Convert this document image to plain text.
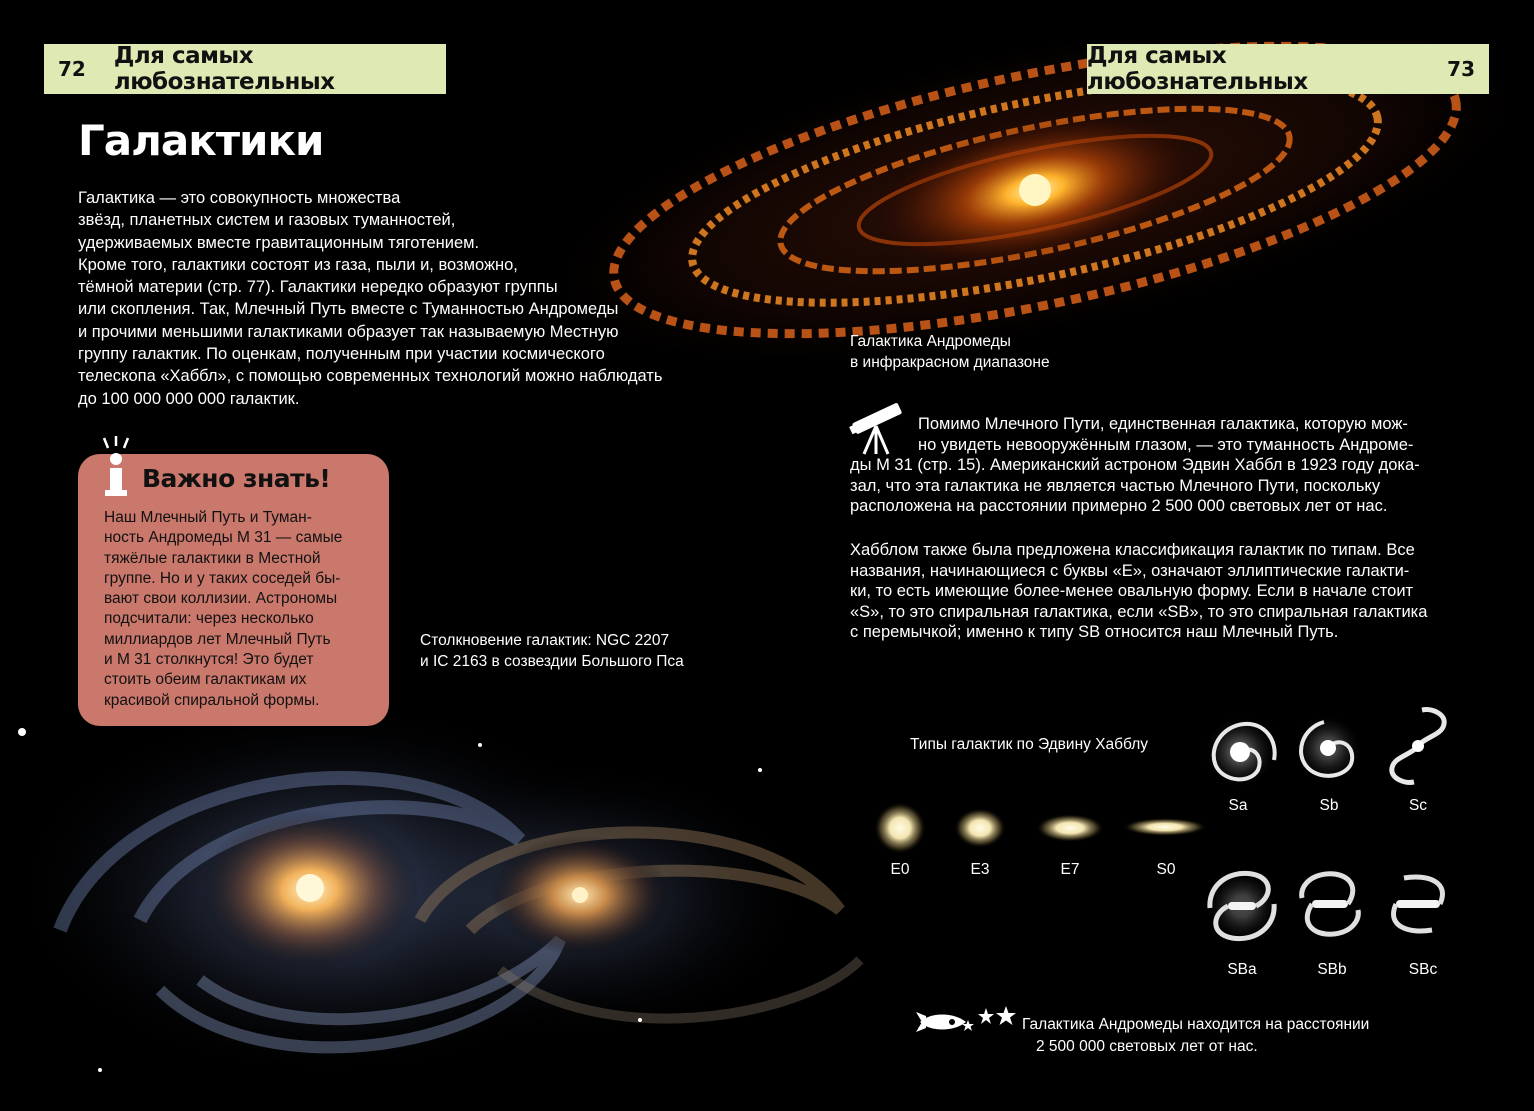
72 Для самых любознательных
Для самых любознательных	73
Галактики
Галактика — это совокупность множества
звёзд, планетных систем и газовых туманностей,
удерживаемых вместе гравитационным тяготением.
Кроме того, галактики состоят из газа, пыли и, возможно,
тёмной материи (стр. 77). Галактики нередко образуют группы
или скопления. Так, Млечный Путь вместе с Туманностью Андромеды
и прочими меньшими галактиками образует так называемую Местную
группу галактик. По оценкам, полученным при участии космического
телескопа «Хаббл», с помощью современных технологий можно наблюдать
до 100 000 000 000 галактик.
Галактика Андромеды
в инфракрасном диапазоне
Важно знать!
Наш Млечный Путь и Туман-
ность Андромеды М 31 — самые
тяжёлые галактики в Местной
группе. Но и у таких соседей бы-
вают свои коллизии. Астрономы
подсчитали: через несколько
миллиардов лет Млечный Путь
и М 31 столкнутся! Это будет
стоить обеим галактикам их
красивой спиральной формы.
Столкновение галактик: NGC 2207
и IC 2163 в созвездии Большого Пса
Помимо Млечного Пути, единственная галактика, которую мож-
но увидеть невооружённым глазом, — это туманность Андроме-
ды М 31 (стр. 15). Американский астроном Эдвин Хаббл в 1923 году дока-
зал, что эта галактика не является частью Млечного Пути, поскольку
расположена на расстоянии примерно 2 500 000 световых лет от нас.
Хабблом также была предложена классификация галактик по типам. Все
названия, начинающиеся с буквы «Е», означают эллиптические галакти-
ки, то есть имеющие более-менее овальную форму. Если в начале стоит
«S», то это спиральная галактика, если «SB», то это спиральная галактика
с перемычкой; именно к типу SB относится наш Млечный Путь.
Типы галактик по Эдвину Хабблу
E0	E3	E7	S0
Sa	Sb	Sc
SBa	SBb	SBc
Галактика Андромеды находится на расстоянии
2 500 000 световых лет от нас.
